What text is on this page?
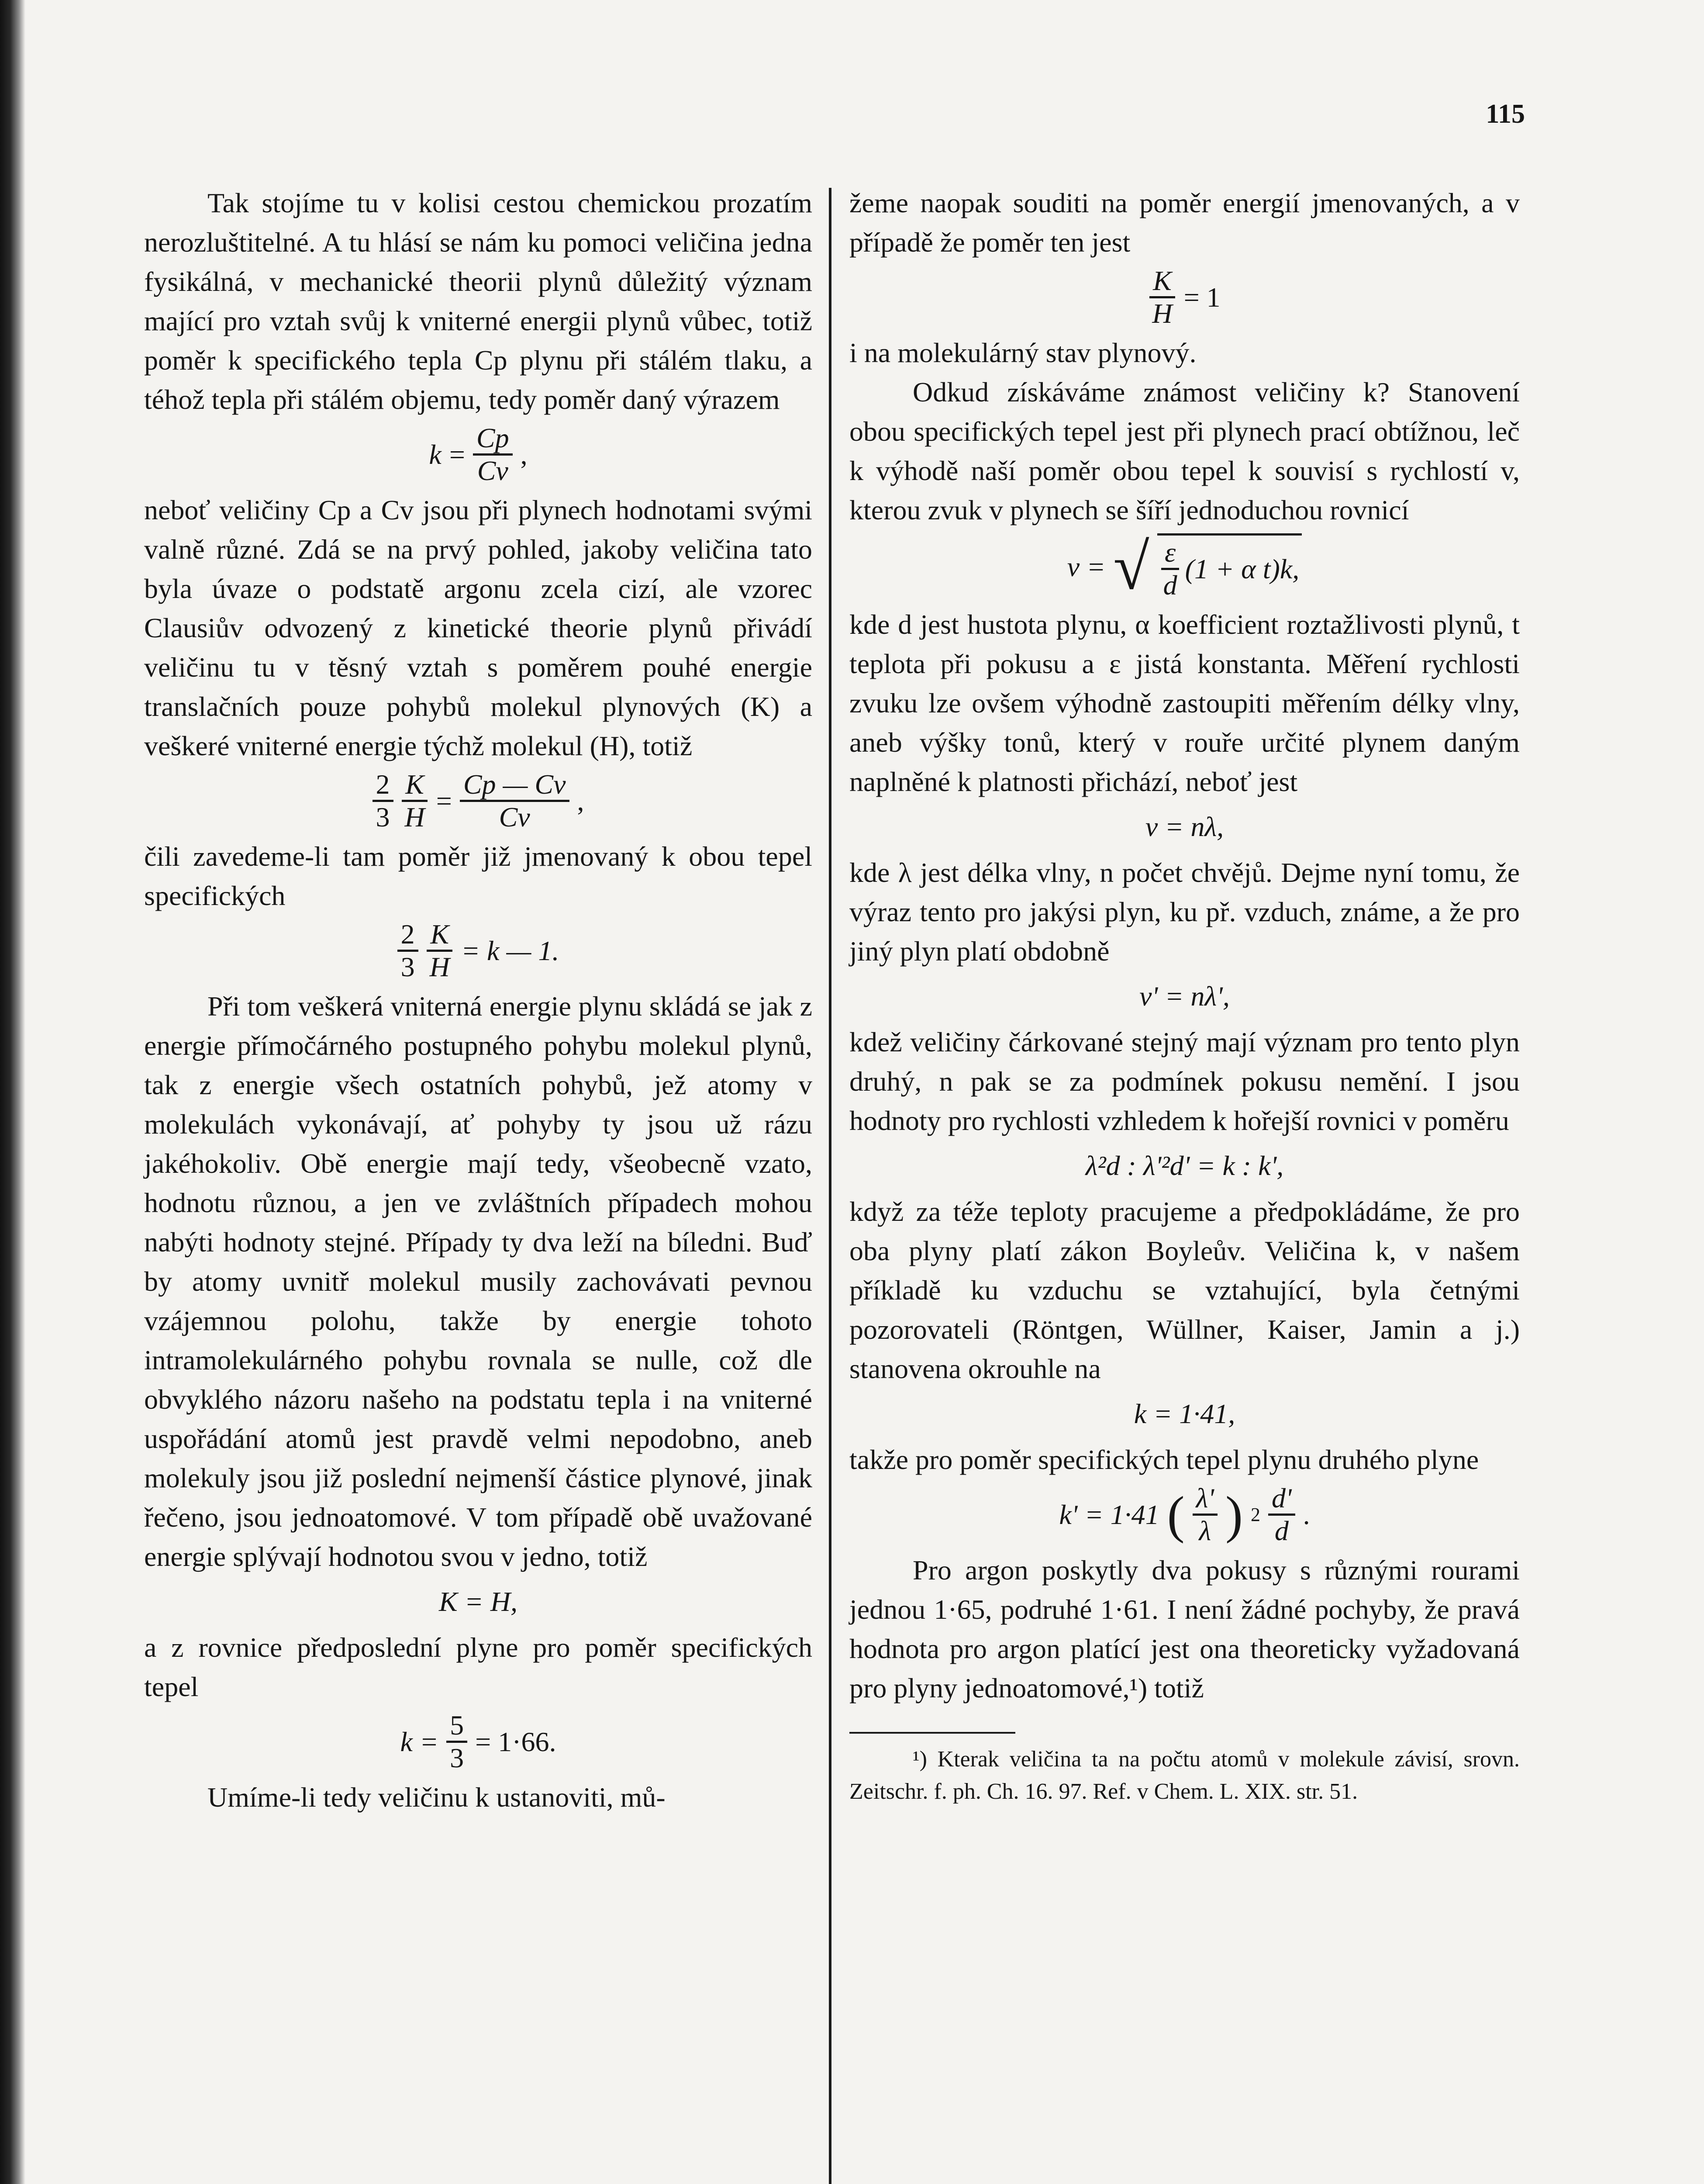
115

Tak stojíme tu v kolisi cestou chemickou prozatím nerozluštitelné. A tu hlásí se nám ku pomoci veličina jedna fysikálná, v mechanické theorii plynů důležitý význam mající pro vztah svůj k vniterné energii plynů vůbec, totiž poměr k specifického tepla Cp plynu při stálém tlaku, a téhož tepla při stálém objemu, tedy poměr daný výrazem

$k = \frac{Cp}{Cv}$ ,

neboť veličiny Cp a Cv jsou při plynech hodnotami svými valně různé. Zdá se na prvý pohled, jakoby veličina tato byla úvaze o podstatě argonu zcela cizí, ale vzorec Clausiův odvozený z kinetické theorie plynů přivádí veličinu tu v těsný vztah s poměrem pouhé energie translačních pouze pohybů molekul plynových (K) a veškeré vniterné energie týchž molekul (H), totiž

$\frac{2}{3} \frac{K}{H} = \frac{Cp — Cv}{Cv}$ ,

čili zavedeme-li tam poměr již jmenovaný k obou tepel specifických

$\frac{2}{3} \frac{K}{H} = k$ — 1.

Při tom veškerá vniterná energie plynu skládá se jak z energie přímočárného postupného pohybu molekul plynů, tak z energie všech ostatních pohybů, jež atomy v molekulách vykonávají, ať pohyby ty jsou už rázu jakéhokoliv. Obě energie mají tedy, všeobecně vzato, hodnotu různou, a jen ve zvláštních případech mohou nabýti hodnoty stejné. Případy ty dva leží na bíledni. Buď by atomy uvnitř molekul musily zachovávati pevnou vzájemnou polohu, takže by energie tohoto intramolekulárného pohybu rovnala se nulle, což dle obvyklého názoru našeho na podstatu tepla i na vniterné uspořádání atomů jest pravdě velmi nepodobno, aneb molekuly jsou již poslední nejmenší částice plynové, jinak řečeno, jsou jednoatomové. V tom případě obě uvažované energie splývají hodnotou svou v jedno, totiž

K = H,

a z rovnice předposlední plyne pro poměr specifických tepel

$k = \frac{5}{3} = 1\cdot 66$.

Umíme-li tedy veličinu k ustanoviti, mů-

žeme naopak souditi na poměr energií jmenovaných, a v případě že poměr ten jest

$\frac{K}{H} = 1$

i na molekulárný stav plynový.

Odkud získáváme známost veličiny k? Stanovení obou specifických tepel jest při plynech prací obtížnou, leč k výhodě naší poměr obou tepel k souvisí s rychlostí v, kterou zvuk v plynech se šíří jednoduchou rovnicí

v = √ $\frac{\varepsilon}{d} (1 + \alpha$ t)k,

kde d jest hustota plynu, α koefficient roztažlivosti plynů, t teplota při pokusu a ε jistá konstanta. Měření rychlosti zvuku lze ovšem výhodně zastoupiti měřením délky vlny, aneb výšky tonů, který v rouře určité plynem daným naplněné k platnosti přichází, neboť jest

v = nλ,

kde λ jest délka vlny, n počet chvějů. Dejme nyní tomu, že výraz tento pro jakýsi plyn, ku př. vzduch, známe, a že pro jiný plyn platí obdobně

v' = nλ',

kdež veličiny čárkované stejný mají význam pro tento plyn druhý, n pak se za podmínek pokusu nemění. I jsou hodnoty pro rychlosti vzhledem k hořejší rovnici v poměru

λ²d : λ'²d' = k : k',

když za téže teploty pracujeme a předpokládáme, že pro oba plyny platí zákon Boyleův. Veličina k, v našem příkladě ku vzduchu se vztahující, byla četnými pozorovateli (Röntgen, Wüllner, Kaiser, Jamin a j.) stanovena okrouhle na

k = 1·41,

takže pro poměr specifických tepel plynu druhého plyne

k' = 1·41 ( $\frac{\lambda'}{\lambda}$ ) $2 \frac{d'}{d}$ .

Pro argon poskytly dva pokusy s různými rourami jednou 1·65, podruhé 1·61. I není žádné pochyby, že pravá hodnota pro argon platící jest ona theoreticky vyžadovaná pro plyny jednoatomové,¹) totiž

¹) Kterak veličina ta na počtu atomů v molekule závisí, srovn. Zeitschr. f. ph. Ch. 16. 97. Ref. v Chem. L. XIX. str. 51.
